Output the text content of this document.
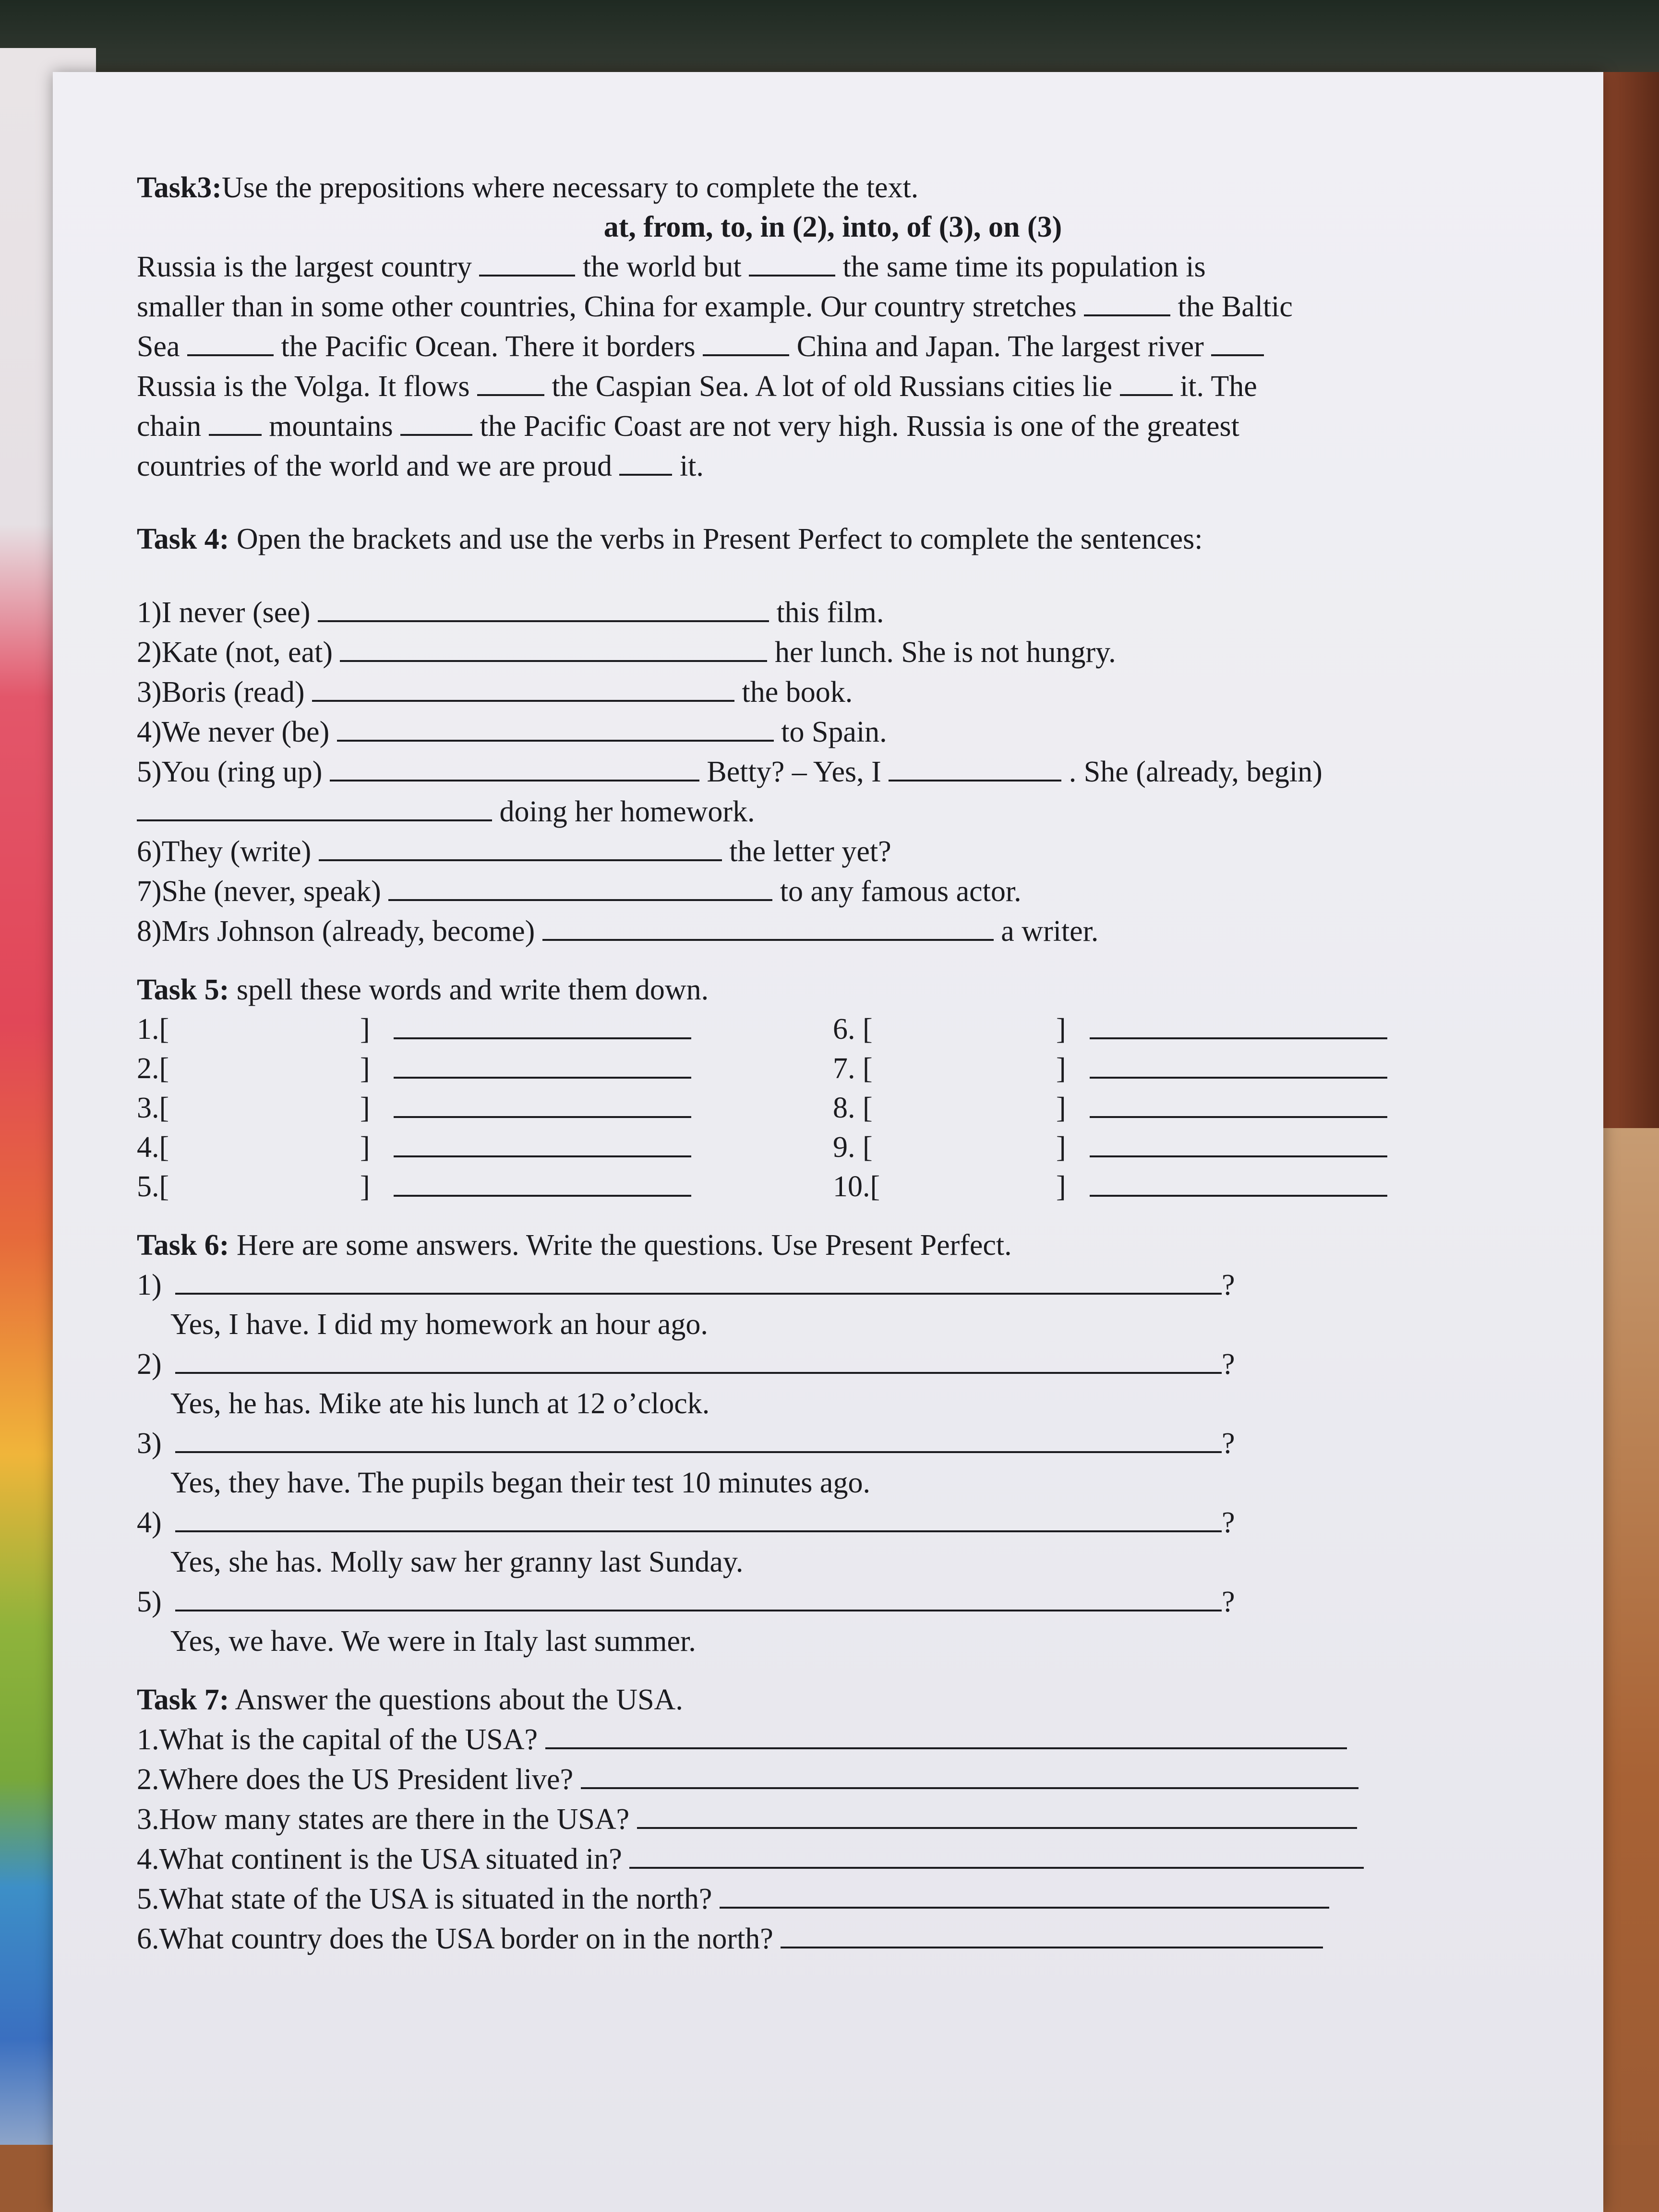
Task3:Use the prepositions where necessary to complete the text.
at, from, to, in (2), into, of (3), on (3)
Russia is the largest country	the world but	the same time its population is
smaller than in some other countries, China for example. Our country stretches	the Baltic
Sea	the Pacific Ocean. There it borders	China and Japan. The largest river
Russia is the Volga. It flows  the Caspian Sea. A lot of old Russians cities lie  it. The
chain  mountains  the Pacific Coast are not very high. Russia is one of the greatest
countries of the world and we are proud  it.
Task 4: Open the brackets and use the verbs in Present Perfect to complete the sentences:
1)I never (see)	this film.
2)Kate (not, eat)	her lunch. She is not hungry.
3)Boris (read)	the book.
4)We never (be)	to Spain.
5)You (ring up)	Betty? – Yes, I	. She (already, begin)
doing her homework.
6)They (write)	the letter yet?
7)She (never, speak)	to any famous actor.
8)Mrs Johnson (already, become)	a writer.
Task 5: spell these words and write them down.
1.[	]	6. [	]
2.[	]	7. [	]
3.[	]	8. [	]
4.[	]	9. [	]
5.[	]	10.[	]
Task 6: Here are some answers. Write the questions. Use Present Perfect.
1)	?
Yes, I have. I did my homework an hour ago.
2)	?
Yes, he has. Mike ate his lunch at 12 o’clock.
3)	?
Yes, they have. The pupils began their test 10 minutes ago.
4)	?
Yes, she has. Molly saw her granny last Sunday.
5)	?
Yes, we have. We were in Italy last summer.
Task 7: Answer the questions about the USA.
1.What is the capital of the USA?
2.Where does the US President live?
3.How many states are there in the USA?
4.What continent is the USA situated in?
5.What state of the USA is situated in the north?
6.What country does the USA border on in the north?
